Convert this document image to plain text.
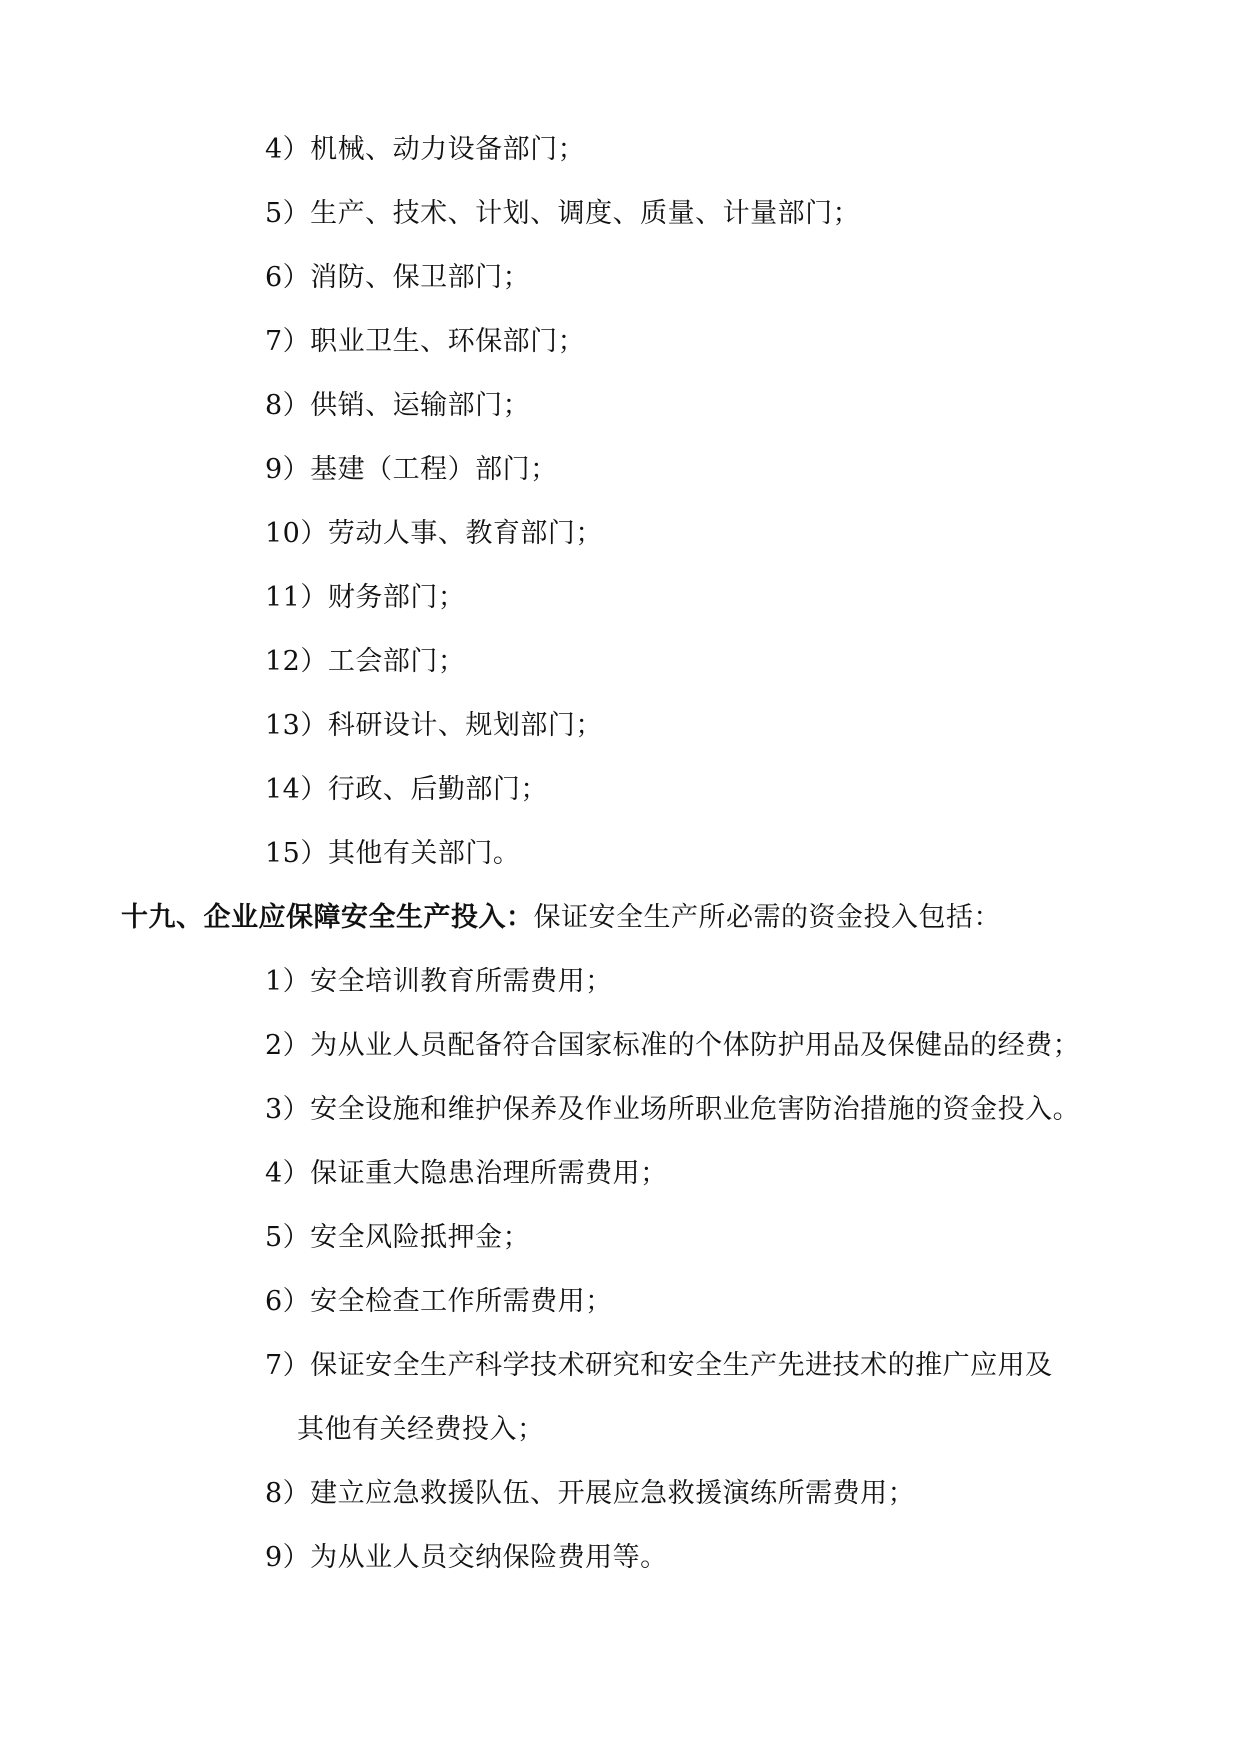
4）机械、动力设备部门；
5）生产、技术、计划、调度、质量、计量部门；
6）消防、保卫部门；
7）职业卫生、环保部门；
8）供销、运输部门；
9）基建（工程）部门；
10）劳动人事、教育部门；
11）财务部门；
12）工会部门；
13）科研设计、规划部门；
14）行政、后勤部门；
15）其他有关部门。
十九、企业应保障安全生产投入：保证安全生产所必需的资金投入包括：
1）安全培训教育所需费用；
2）为从业人员配备符合国家标准的个体防护用品及保健品的经费；
3）安全设施和维护保养及作业场所职业危害防治措施的资金投入。
4）保证重大隐患治理所需费用；
5）安全风险抵押金；
6）安全检查工作所需费用；
7）保证安全生产科学技术研究和安全生产先进技术的推广应用及
其他有关经费投入；
8）建立应急救援队伍、开展应急救援演练所需费用；
9）为从业人员交纳保险费用等。
